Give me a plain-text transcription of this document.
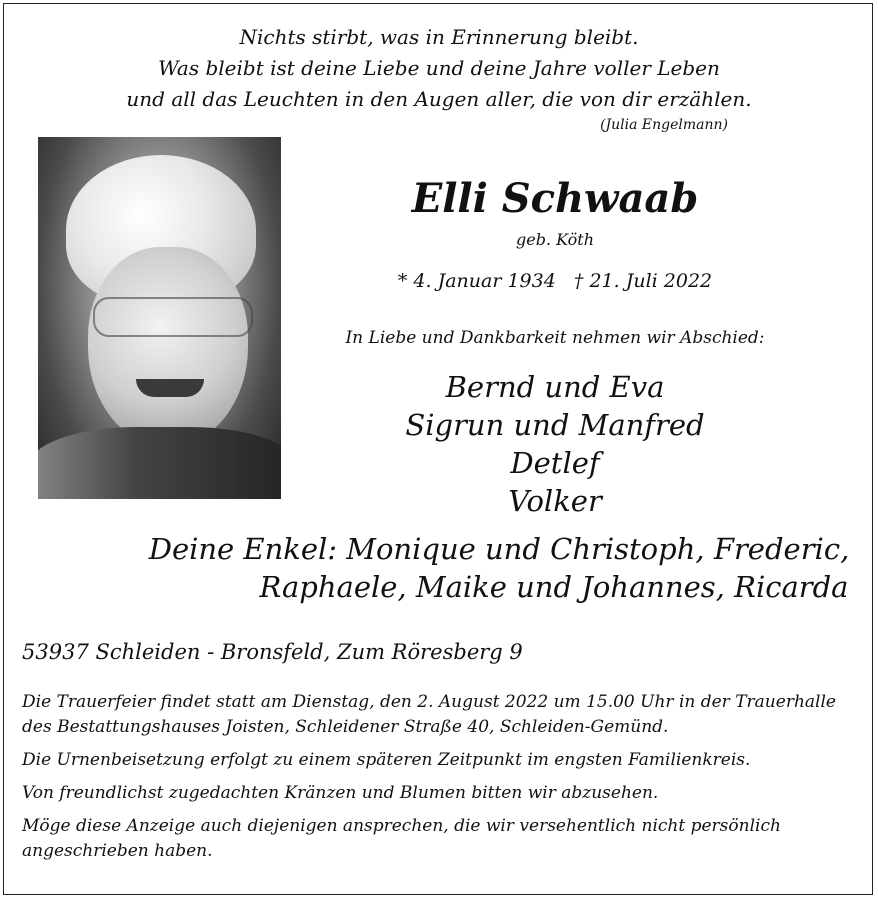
Nichts stirbt, was in Erinnerung bleibt.
Was bleibt ist deine Liebe und deine Jahre voller Leben
und all das Leuchten in den Augen aller, die von dir erzählen.
(Julia Engelmann)
Elli Schwaab
geb. Köth
* 4. Januar 1934   † 21. Juli 2022
In Liebe und Dankbarkeit nehmen wir Abschied:
Bernd und Eva
Sigrun und Manfred
Detlef
Volker
Deine Enkel: Monique und Christoph, Frederic,
Raphaele, Maike und Johannes, Ricarda
53937 Schleiden - Bronsfeld, Zum Röresberg 9

Die Trauerfeier findet statt am Dienstag, den 2. August 2022 um 15.00 Uhr in der Trauerhalle des Bestattungshauses Joisten, Schleidener Straße 40, Schleiden-Gemünd.

Die Urnenbeisetzung erfolgt zu einem späteren Zeitpunkt im engsten Familienkreis.

Von freundlichst zugedachten Kränzen und Blumen bitten wir abzusehen.

Möge diese Anzeige auch diejenigen ansprechen, die wir versehentlich nicht persönlich angeschrieben haben.
